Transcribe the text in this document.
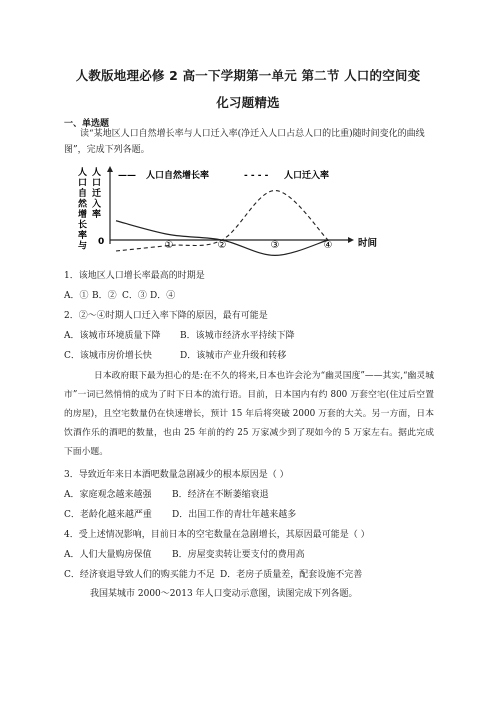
人教版地理必修 2 高一下学期第一单元 第二节 人口的空间变
化习题精选
一、单选题
读“某地区人口自然增长率与人口迁入率(净迁入人口占总人口的比重)随时间变化的曲线图”，完成下列各题。
人口自然增长率与
人口迁入率
—— 人口自然增长率	- - - - 人口迁入率
0	①	②	③	④	时间
1．该地区人口增长率最高的时期是
A．① B．② C．③ D．④
2．②～④时期人口迁入率下降的原因，最有可能是
A．该城市环境质量下降 B．该城市经济水平持续下降
C．该城市房价增长快	D．该城市产业升级和转移
日本政府眼下最为担心的是:在不久的将来,日本也许会沦为“幽灵国度”——其实,“幽灵城市”一词已然悄悄的成为了时下日本的流行语。目前，日本国内有约 800 万套空宅(住过后空置的房屋)，且空宅数量仍在快速增长，预计 15 年后将突破 2000 万套的大关。另一方面，日本饮酒作乐的酒吧的数量，也由 25 年前的约 25 万家减少到了现如今的 5 万家左右。据此完成下面小题。
3．导致近年来日本酒吧数量急剧减少的根本原因是（ ）
A．家庭观念越来越强 B．经济在不断萎缩衰退
C．老龄化越来越严重 D．出国工作的青壮年越来越多
4．受上述情况影响，目前日本的空宅数量在急剧增长，其原因最可能是（ ）
A．人们大量购房保值 B．房屋变卖转让要支付的费用高
C．经济衰退导致人们的购买能力不足 D．老房子质量差，配套设施不完善
我国某城市 2000～2013 年人口变动示意图，读图完成下列各题。
